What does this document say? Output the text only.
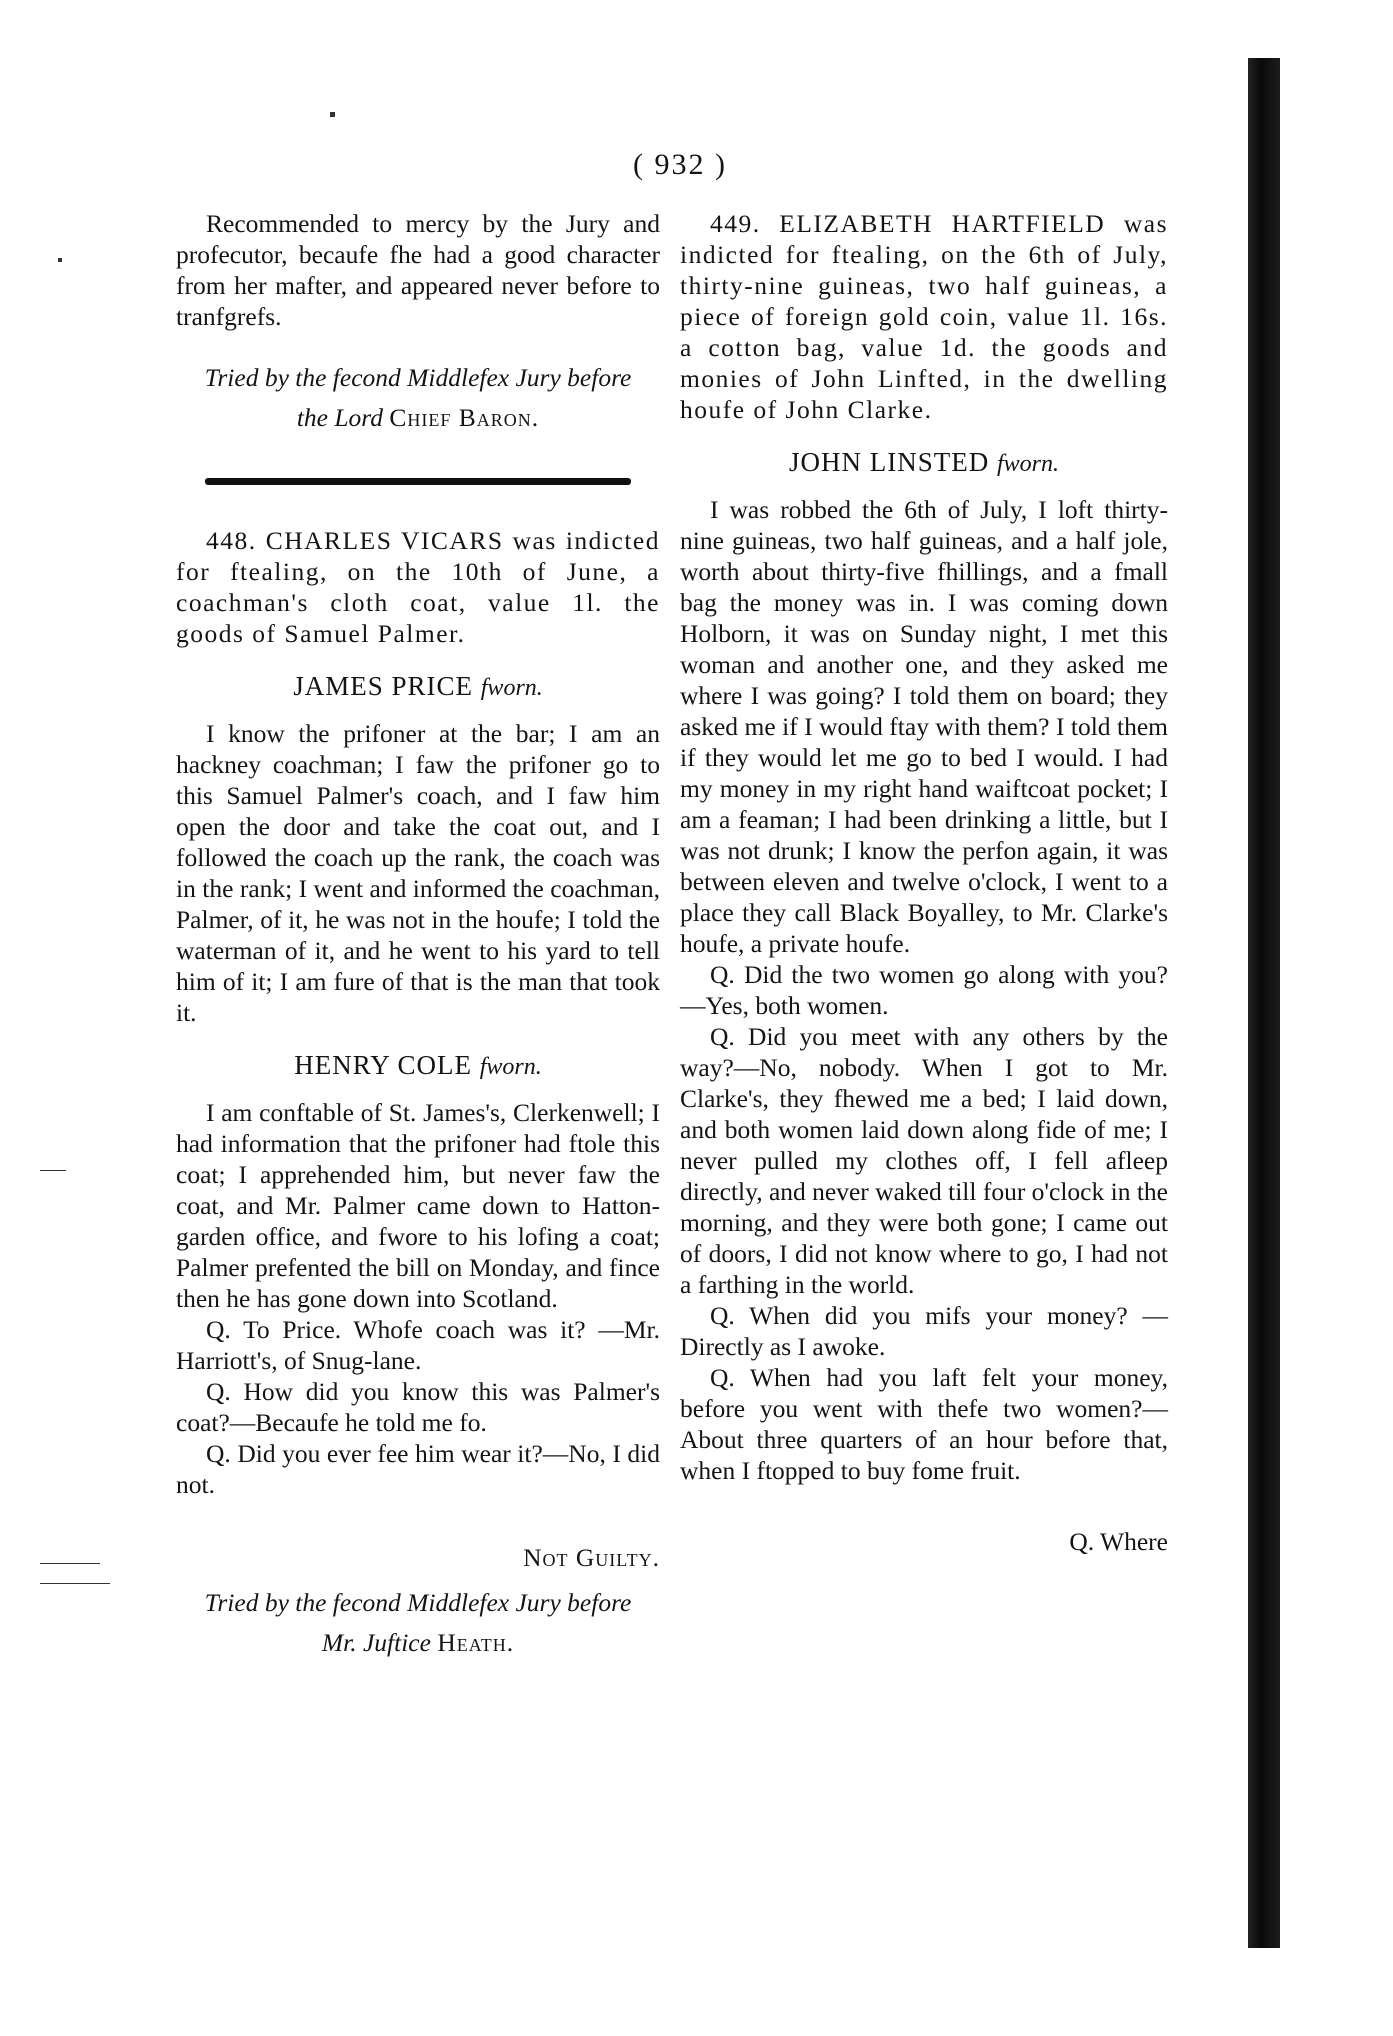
( 932 )

Recommended to mercy by the Jury and profecutor, becaufe fhe had a good character from her mafter, and appeared never before to tranfgrefs.

Tried by the fecond Middlefex Jury before
the Lord Chief Baron.

448. CHARLES VICARS was indicted for ftealing, on the 10th of June, a coachman's cloth coat, value 1l. the goods of Samuel Palmer.

JAMES PRICE fworn.

I know the prifoner at the bar; I am an hackney coachman; I faw the prifoner go to this Samuel Palmer's coach, and I faw him open the door and take the coat out, and I followed the coach up the rank, the coach was in the rank; I went and informed the coachman, Palmer, of it, he was not in the houfe; I told the waterman of it, and he went to his yard to tell him of it; I am fure of that is the man that took it.

HENRY COLE fworn.

I am conftable of St. James's, Clerkenwell; I had information that the prifoner had ftole this coat; I apprehended him, but never faw the coat, and Mr. Palmer came down to Hatton-garden office, and fwore to his lofing a coat; Palmer prefented the bill on Monday, and fince then he has gone down into Scotland.

Q. To Price. Whofe coach was it? —Mr. Harriott's, of Snug-lane.

Q. How did you know this was Palmer's coat?—Becaufe he told me fo.

Q. Did you ever fee him wear it?—No, I did not.

Not Guilty.
Tried by the fecond Middlefex Jury before
Mr. Juftice Heath.

449. ELIZABETH HARTFIELD was indicted for ftealing, on the 6th of July, thirty-nine guineas, two half guineas, a piece of foreign gold coin, value 1l. 16s. a cotton bag, value 1d. the goods and monies of John Linfted, in the dwelling houfe of John Clarke.

JOHN LINSTED fworn.

I was robbed the 6th of July, I loft thirty-nine guineas, two half guineas, and a half jole, worth about thirty-five fhillings, and a fmall bag the money was in. I was coming down Holborn, it was on Sunday night, I met this woman and another one, and they asked me where I was going? I told them on board; they asked me if I would ftay with them? I told them if they would let me go to bed I would. I had my money in my right hand waiftcoat pocket; I am a feaman; I had been drinking a little, but I was not drunk; I know the perfon again, it was between eleven and twelve o'clock, I went to a place they call Black Boyalley, to Mr. Clarke's houfe, a private houfe.

Q. Did the two women go along with you?—Yes, both women.

Q. Did you meet with any others by the way?—No, nobody. When I got to Mr. Clarke's, they fhewed me a bed; I laid down, and both women laid down along fide of me; I never pulled my clothes off, I fell afleep directly, and never waked till four o'clock in the morning, and they were both gone; I came out of doors, I did not know where to go, I had not a farthing in the world.

Q. When did you mifs your money? —Directly as I awoke.

Q. When had you laft felt your money, before you went with thefe two women?— About three quarters of an hour before that, when I ftopped to buy fome fruit.

Q. Where
